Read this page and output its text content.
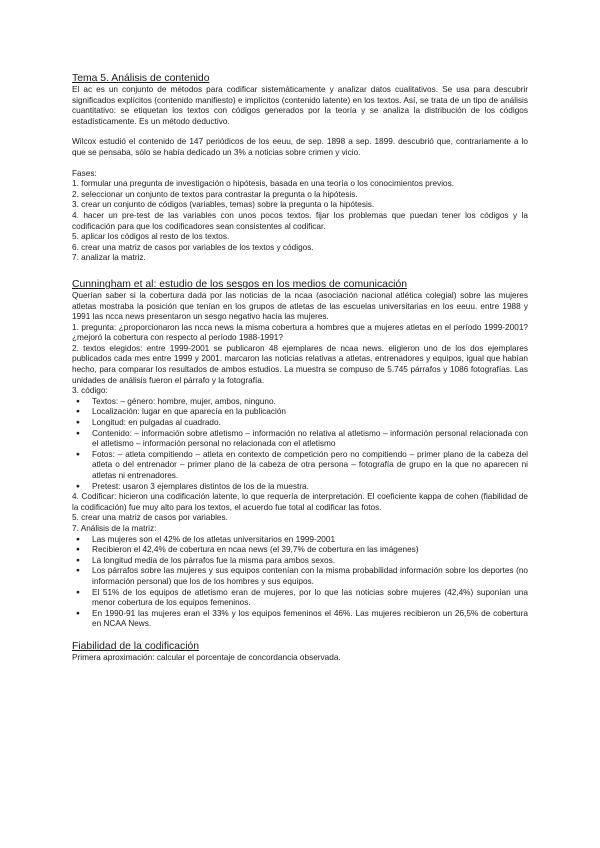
Tema 5. Análisis de contenido

El ac es un conjunto de métodos para codificar sistemáticamente y analizar datos cualitativos. Se usa para descubrir significados explícitos (contenido manifiesto) e implícitos (contenido latente) en los textos. Así, se trata de un tipo de análisis cuantitativo: se etiquetan los textos con códigos generados por la teoría y se analiza la distribución de los códigos estadísticamente. Es un método deductivo.

Wilcox estudió el contenido de 147 periódicos de los eeuu, de sep. 1898 a sep. 1899. descubrió que, contrariamente a lo que se pensaba, sólo se había dedicado un 3% a noticias sobre crimen y vicio.

Fases:

1. formular una pregunta de investigación o hipótesis, basada en una teoría o los conocimientos previos.

2. seleccionar un conjunto de textos para contrastar la pregunta o la hipótesis.

3. crear un conjunto de códigos (variables, temas) sobre la pregunta o la hipótesis.

4. hacer un pre-test de las variables con unos pocos textos. fijar los problemas que puedan tener los códigos y la codificación para que los codificadores sean consistentes al codificar.

5. aplicar los códigos al resto de los textos.

6. crear una matriz de casos por variables de los textos y códigos.

7. analizar la matriz.

Cunningham et al: estudio de los sesgos en los medios de comunicación

Querían saber si la cobertura dada por las noticias de la ncaa (asociación nacional atlética colegial) sobre las mujeres atletas mostraba la posición que tenían en los grupos de atletas de las escuelas universitarias en los eeuu. entre 1988 y 1991 las ncca news presentaron un sesgo negativo hacia las mujeres.

1. pregunta: ¿proporcionaron las ncca news la misma cobertura a hombres que a mujeres atletas en el período 1999-2001? ¿mejoró la cobertura con respecto al período 1988-1991?

2. textos elegidos: entre 1999-2001 se publicaron 48 ejemplares de ncaa news. eligieron uno de los dos ejemplares publicados cada mes entre 1999 y 2001. marcaron las noticias relativas a atletas, entrenadores y equipos, igual que habían hecho, para comparar los resultados de ambos estudios. La muestra se compuso de 5.745 párrafos y 1086 fotografías. Las unidades de análisis fueron el párrafo y la fotografía.

3. código:

● Textos: – género: hombre, mujer, ambos, ninguno.
● Localización: lugar en que aparecía en la publicación
● Longitud: en pulgadas al cuadrado.
● Contenido: – información sobre atletismo – información no relativa al atletismo – información personal relacionada con el atletismo – información personal no relacionada con el atletismo
● Fotos: – atleta compitiendo – atleta en contexto de competición pero no compitiendo – primer plano de la cabeza del atleta o del entrenador – primer plano de la cabeza de otra persona – fotografía de grupo en la que no aparecen ni atletas ni entrenadores.
● Pretest: usaron 3 ejemplares distintos de los de la muestra.

4. Codificar: hicieron una codificación latente, lo que requería de interpretación. El coeficiente kappa de cohen (fiabilidad de la codificación) fue muy alto para los textos, el acuerdo fue total al codificar las fotos.

5. crear una matriz de casos por variables.

7. Análisis de la matriz:

● Las mujeres son el 42% de los atletas universitarios en 1999-2001
● Recibieron el 42,4% de cobertura en ncaa news (el 39,7% de cobertura en las imágenes)
● La longitud media de los párrafos fue la misma para ambos sexos.
● Los párrafos sobre las mujeres y sus equipos contenían con la misma probabilidad información sobre los deportes (no información personal) que los de los hombres y sus equipos.
● El 51% de los equipos de atletismo eran de mujeres, por lo que las noticias sobre mujeres (42,4%) suponían una menor cobertura de los equipos femeninos.
● En 1990-91 las mujeres eran el 33% y los equipos femeninos el 46%. Las mujeres recibieron un 26,5% de cobertura en NCAA News.
Fiabilidad de la codificación

Primera aproximación: calcular el porcentaje de concordancia observada.
